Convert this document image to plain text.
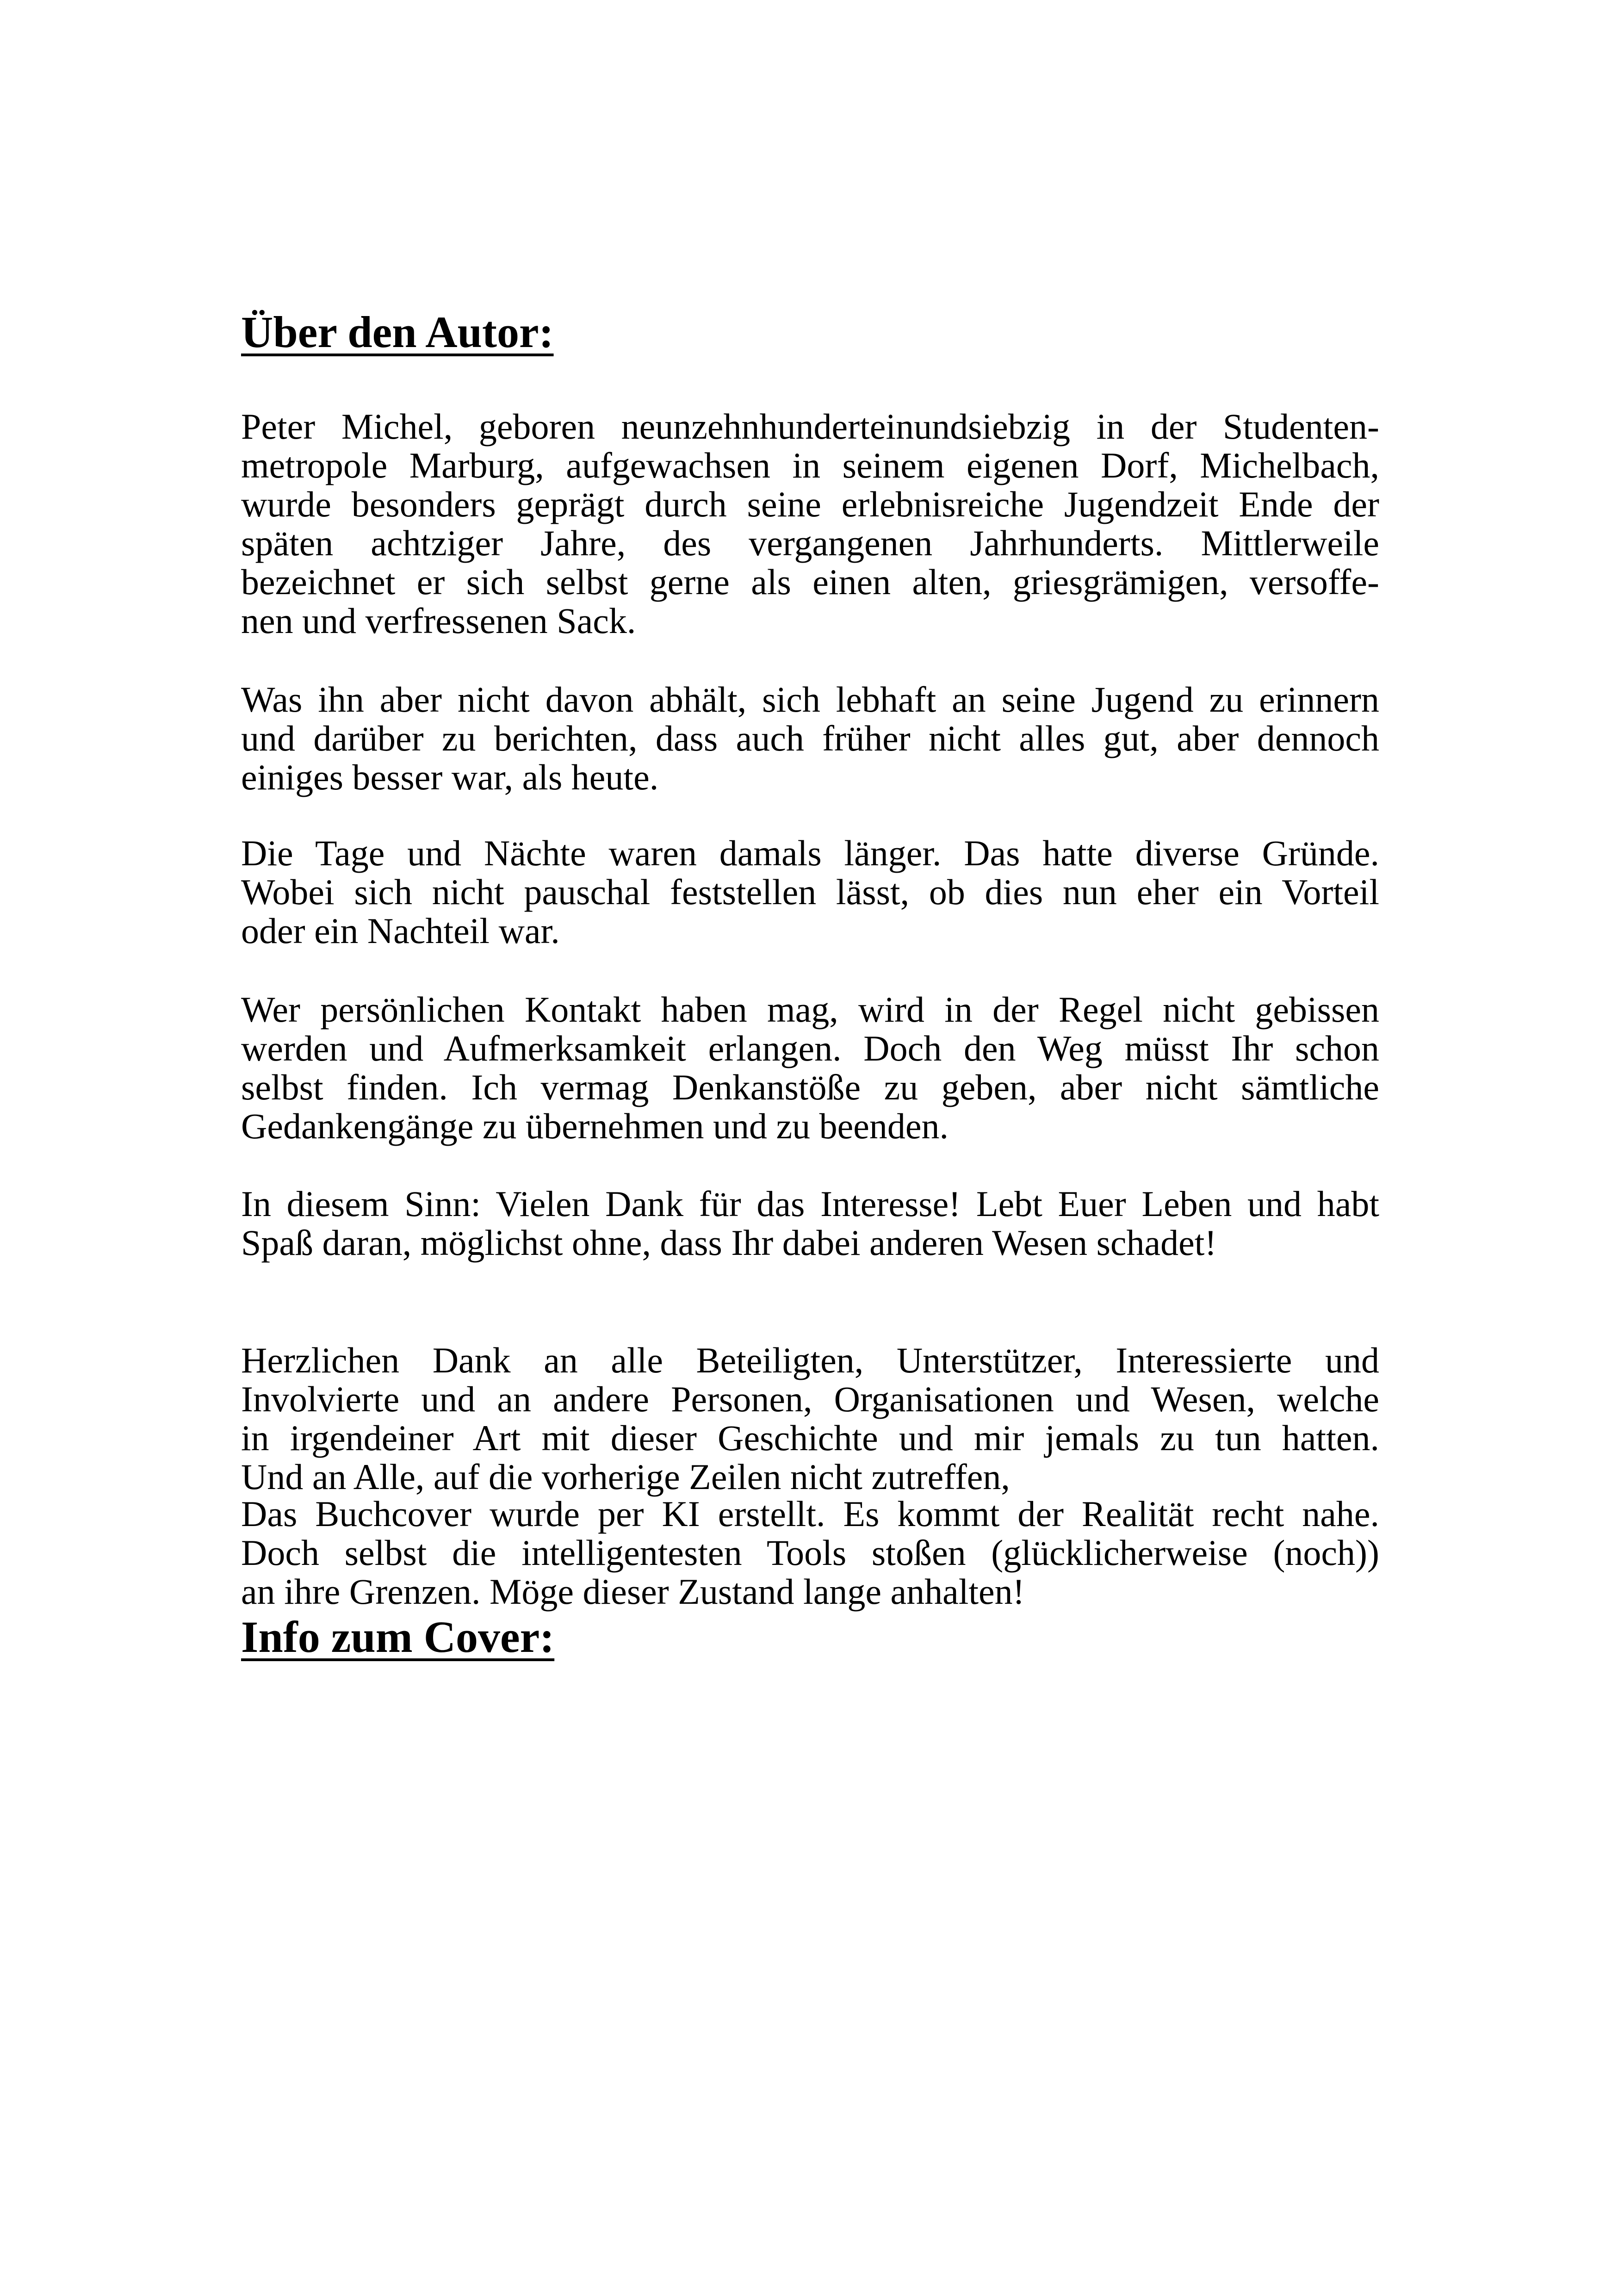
Über den Autor:
Peter Michel, geboren neunzehnhunderteinundsiebzig in der Studenten-
metropole Marburg, aufgewachsen in seinem eigenen Dorf, Michelbach,
wurde besonders geprägt durch seine erlebnisreiche Jugendzeit Ende der
späten achtziger Jahre, des vergangenen Jahrhunderts. Mittlerweile
bezeichnet er sich selbst gerne als einen alten, griesgrämigen, versoffe-
nen und verfressenen Sack.
Was ihn aber nicht davon abhält, sich lebhaft an seine Jugend zu erinnern
und darüber zu berichten, dass auch früher nicht alles gut, aber dennoch
einiges besser war, als heute.
Die Tage und Nächte waren damals länger. Das hatte diverse Gründe.
Wobei sich nicht pauschal feststellen lässt, ob dies nun eher ein Vorteil
oder ein Nachteil war.
Wer persönlichen Kontakt haben mag, wird in der Regel nicht gebissen
werden und Aufmerksamkeit erlangen. Doch den Weg müsst Ihr schon
selbst finden. Ich vermag Denkanstöße zu geben, aber nicht sämtliche
Gedankengänge zu übernehmen und zu beenden.
In diesem Sinn: Vielen Dank für das Interesse! Lebt Euer Leben und habt
Spaß daran, möglichst ohne, dass Ihr dabei anderen Wesen schadet!
Herzlichen Dank an alle Beteiligten, Unterstützer, Interessierte und
Involvierte und an andere Personen, Organisationen und Wesen, welche
in irgendeiner Art mit dieser Geschichte und mir jemals zu tun hatten.
Und an Alle, auf die vorherige Zeilen nicht zutreffen,
Info zum Cover:
Das Buchcover wurde per KI erstellt. Es kommt der Realität recht nahe.
Doch selbst die intelligentesten Tools stoßen (glücklicherweise (noch))
an ihre Grenzen. Möge dieser Zustand lange anhalten!
